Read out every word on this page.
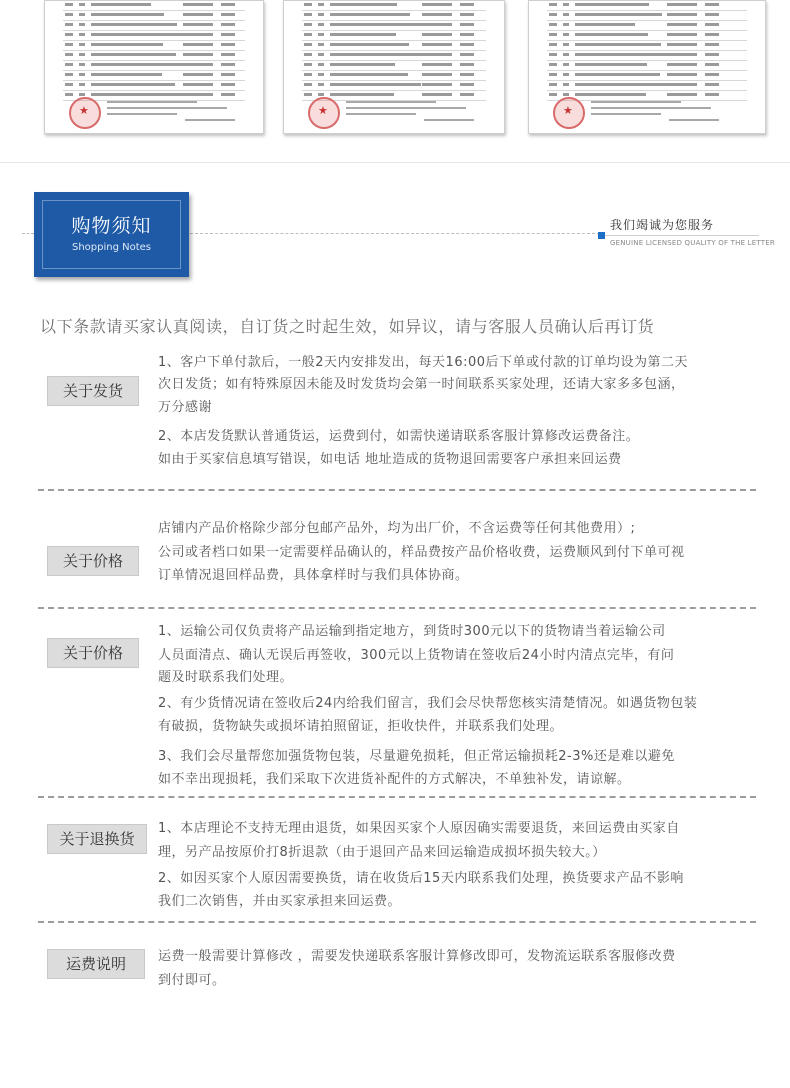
★
★
★
购物须知
Shopping Notes
我们竭诚为您服务
GENUINE LICENSED QUALITY OF THE LETTER
以下条款请买家认真阅读，自订货之时起生效，如异议，请与客服人员确认后再订货
关于发货
1、客户下单付款后，一般2天内安排发出，每天16:00后下单或付款的订单均设为第二天
次日发货；如有特殊原因未能及时发货均会第一时间联系买家处理，还请大家多多包涵，
万分感谢
2、本店发货默认普通货运，运费到付，如需快递请联系客服计算修改运费备注。
如由于买家信息填写错误，如电话 地址造成的货物退回需要客户承担来回运费
关于价格
店铺内产品价格除少部分包邮产品外，均为出厂价，不含运费等任何其他费用）;
公司或者档口如果一定需要样品确认的，样品费按产品价格收费，运费顺风到付下单可视
订单情况退回样品费，具体拿样时与我们具体协商。
关于价格
1、运输公司仅负责将产品运输到指定地方，到货时300元以下的货物请当着运输公司
人员面清点、确认无误后再签收，300元以上货物请在签收后24小时内清点完毕，有问
题及时联系我们处理。
2、有少货情况请在签收后24内给我们留言，我们会尽快帮您核实清楚情况。如遇货物包装
有破损，货物缺失或损坏请拍照留证，拒收快件，并联系我们处理。
3、我们会尽量帮您加强货物包装，尽量避免损耗，但正常运输损耗2-3%还是难以避免
如不幸出现损耗，我们采取下次进货补配件的方式解决，不单独补发，请谅解。
关于退换货
1、本店理论不支持无理由退货，如果因买家个人原因确实需要退货，来回运费由买家自
理，另产品按原价打8折退款（由于退回产品来回运输造成损坏损失较大。）
2、如因买家个人原因需要换货，请在收货后15天内联系我们处理，换货要求产品不影响
我们二次销售，并由买家承担来回运费。
运费说明	运费一般需要计算修改 ，需要发快递联系客服计算修改即可，发物流运联系客服修改费
到付即可。
